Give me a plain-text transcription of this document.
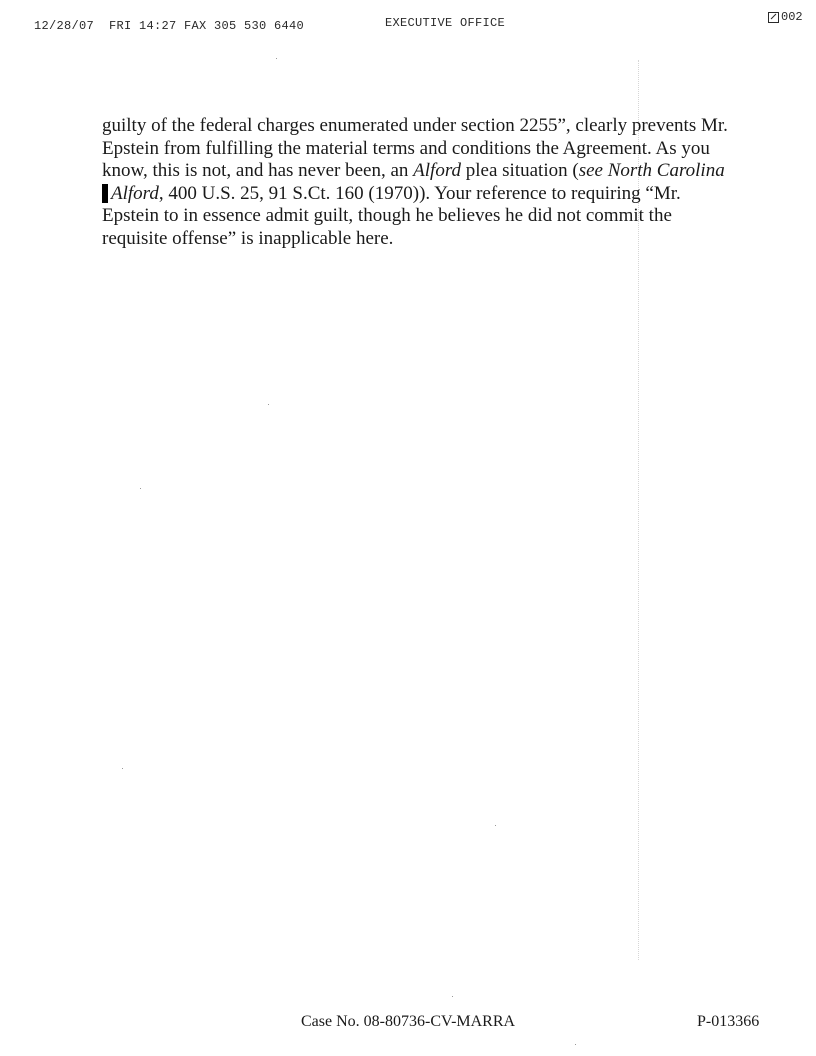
12/28/07  FRI 14:27 FAX 305 530 6440	EXECUTIVE OFFICE	002

guilty of the federal charges enumerated under section 2255”, clearly prevents Mr. Epstein from fulfilling the material terms and conditions the Agreement. As you know, this is not, and has never been, an Alford plea situation (see North Carolina
Alford, 400 U.S. 25, 91 S.Ct. 160 (1970)). Your reference to requiring “Mr. Epstein to in essence admit guilt, though he believes he did not commit the requisite offense” is inapplicable here.

Case No. 08-80736-CV-MARRA	P-013366
